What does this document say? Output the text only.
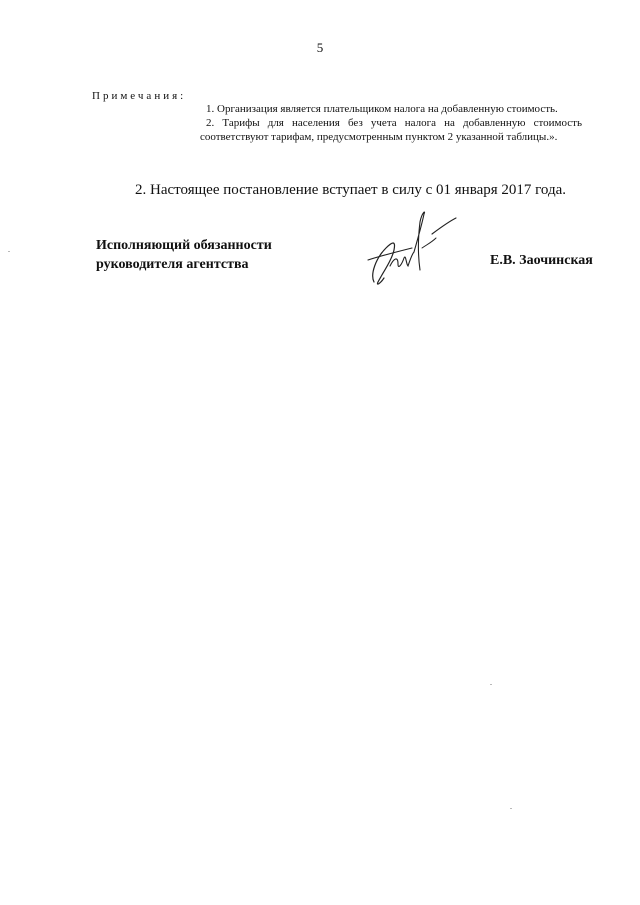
5
Примечания:

1. Организация является плательщиком налога на добавленную стоимость.

2. Тарифы для населения без учета налога на добавленную стоимость соответствуют тарифам, предусмотренным пунктом 2 указанной таблицы.».

2. Настоящее постановление вступает в силу с 01 января 2017 года.
Исполняющий обязанности
руководителя агентства	Е.В. Заочинская
